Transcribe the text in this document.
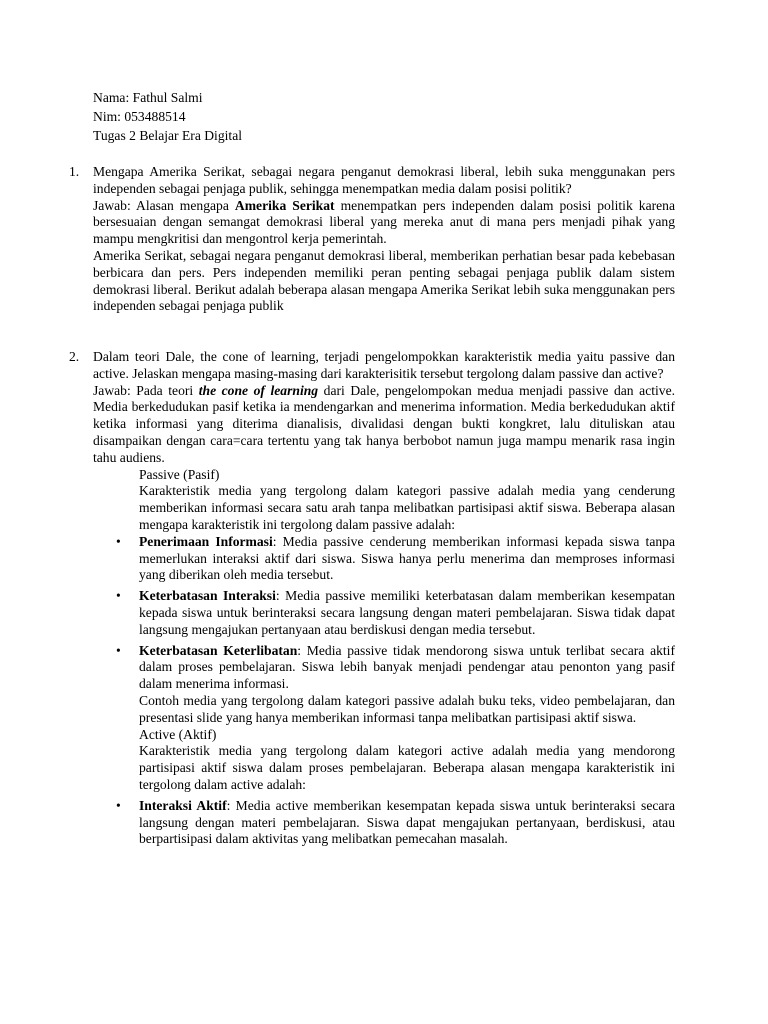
Nama: Fathul Salmi
Nim: 053488514
Tugas 2 Belajar Era Digital
1. Mengapa Amerika Serikat, sebagai negara penganut demokrasi liberal, lebih suka menggunakan pers independen sebagai penjaga publik, sehingga menempatkan media dalam posisi politik?

Jawab: Alasan mengapa Amerika Serikat menempatkan pers independen dalam posisi politik karena bersesuaian dengan semangat demokrasi liberal yang mereka anut di mana pers menjadi pihak yang mampu mengkritisi dan mengontrol kerja pemerintah.

Amerika Serikat, sebagai negara penganut demokrasi liberal, memberikan perhatian besar pada kebebasan berbicara dan pers. Pers independen memiliki peran penting sebagai penjaga publik dalam sistem demokrasi liberal. Berikut adalah beberapa alasan mengapa Amerika Serikat lebih suka menggunakan pers independen sebagai penjaga publik

2. Dalam teori Dale, the cone of learning, terjadi pengelompokkan karakteristik media yaitu passive dan active. Jelaskan mengapa masing-masing dari karakterisitik tersebut tergolong dalam passive dan active?

Jawab: Pada teori the cone of learning dari Dale, pengelompokan medua menjadi passive dan active. Media berkedudukan pasif ketika ia mendengarkan and menerima information. Media berkedudukan aktif ketika informasi yang diterima dianalisis, divalidasi dengan bukti kongkret, lalu dituliskan atau disampaikan dengan cara=cara tertentu yang tak hanya berbobot namun juga mampu menarik rasa ingin tahu audiens.

Passive (Pasif)

Karakteristik media yang tergolong dalam kategori passive adalah media yang cenderung memberikan informasi secara satu arah tanpa melibatkan partisipasi aktif siswa. Beberapa alasan mengapa karakteristik ini tergolong dalam passive adalah:

• Penerimaan Informasi: Media passive cenderung memberikan informasi kepada siswa tanpa memerlukan interaksi aktif dari siswa. Siswa hanya perlu menerima dan memproses informasi yang diberikan oleh media tersebut.
• Keterbatasan Interaksi: Media passive memiliki keterbatasan dalam memberikan kesempatan kepada siswa untuk berinteraksi secara langsung dengan materi pembelajaran. Siswa tidak dapat langsung mengajukan pertanyaan atau berdiskusi dengan media tersebut.
• Keterbatasan Keterlibatan: Media passive tidak mendorong siswa untuk terlibat secara aktif dalam proses pembelajaran. Siswa lebih banyak menjadi pendengar atau penonton yang pasif dalam menerima informasi.
Contoh media yang tergolong dalam kategori passive adalah buku teks, video pembelajaran, dan presentasi slide yang hanya memberikan informasi tanpa melibatkan partisipasi aktif siswa.
Active (Aktif)
Karakteristik media yang tergolong dalam kategori active adalah media yang mendorong partisipasi aktif siswa dalam proses pembelajaran. Beberapa alasan mengapa karakteristik ini tergolong dalam active adalah:
• Interaksi Aktif: Media active memberikan kesempatan kepada siswa untuk berinteraksi secara langsung dengan materi pembelajaran. Siswa dapat mengajukan pertanyaan, berdiskusi, atau berpartisipasi dalam aktivitas yang melibatkan pemecahan masalah.
